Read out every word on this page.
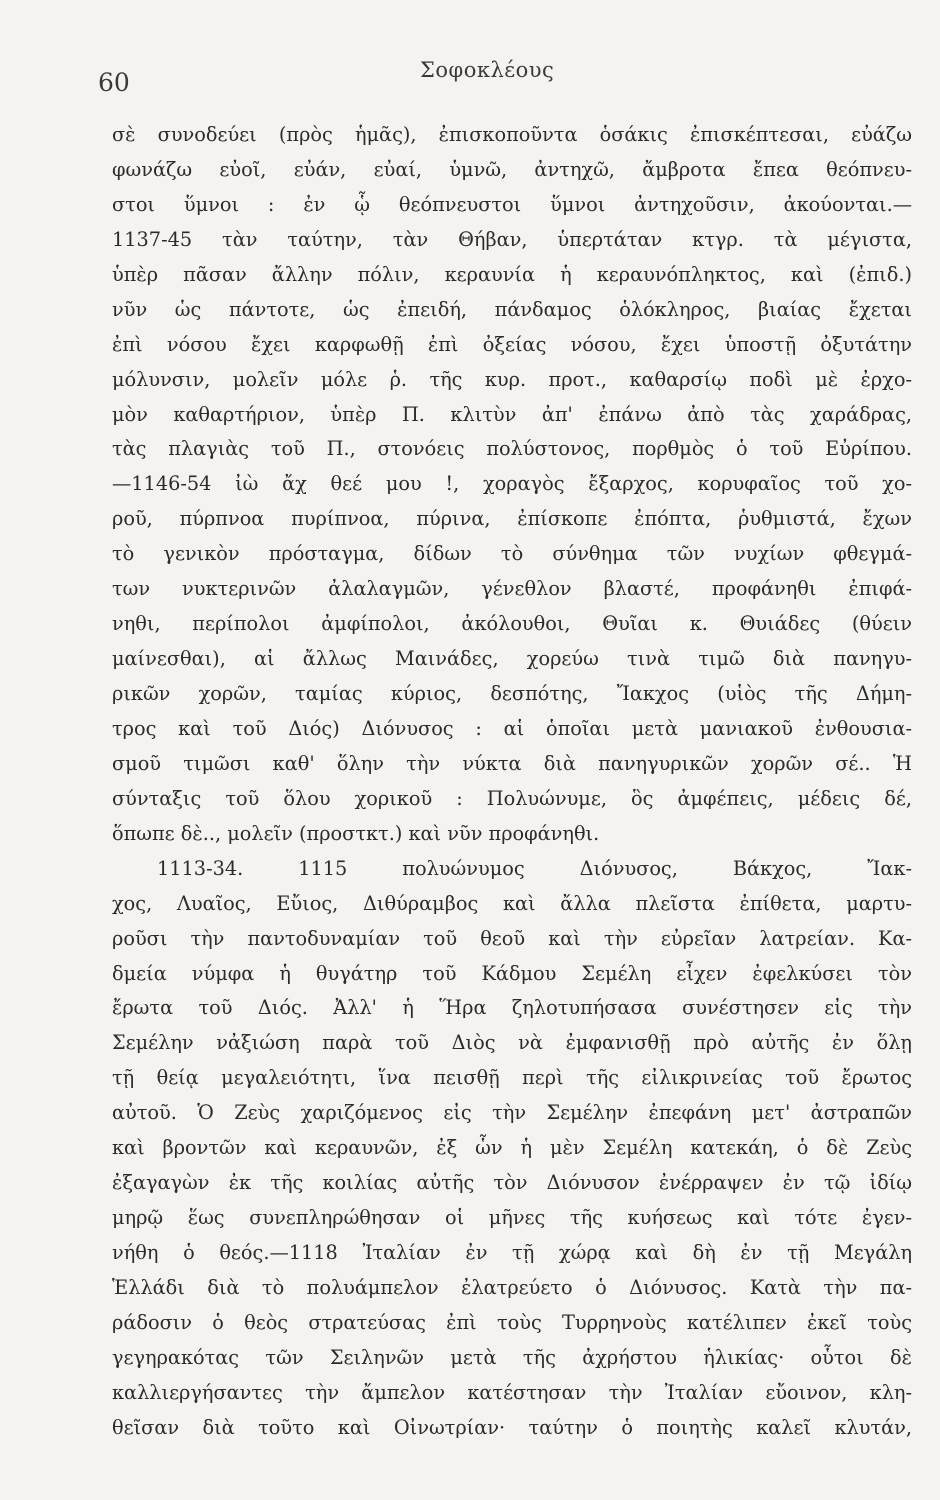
60	Σοφοκλέους
σὲ συνοδεύει (πρὸς ἡμᾶς), ἐπισκοποῦντα ὁσάκις ἐπισκέπτεσαι, εὐάζω
φωνάζω εὐοῖ, εὐάν, εὐαί, ὑμνῶ, ἀντηχῶ, ἄμβροτα ἔπεα θεόπνευ-
στοι ὕμνοι : ἐν ᾧ θεόπνευστοι ὕμνοι ἀντηχοῦσιν, ἀκούονται.—
1137-45 τὰν ταύτην, τὰν Θήβαν, ὑπερτάταν κτγρ. τὰ μέγιστα,
ὑπὲρ πᾶσαν ἄλλην πόλιν, κεραυνία ἡ κεραυνόπληκτος, καὶ (ἐπιδ.)
νῦν ὡς πάντοτε, ὡς ἐπειδή, πάνδαμος ὁλόκληρος, βιαίας ἔχεται
ἐπὶ νόσου ἔχει καρφωθῇ ἐπὶ ὀξείας νόσου, ἔχει ὑποστῇ ὀξυτάτην
μόλυνσιν, μολεῖν μόλε ῥ. τῆς κυρ. προτ., καθαρσίῳ ποδὶ μὲ ἐρχο-
μὸν καθαρτήριον, ὑπὲρ Π. κλιτὺν ἀπ' ἐπάνω ἀπὸ τὰς χαράδρας,
τὰς πλαγιὰς τοῦ Π., στονόεις πολύστονος, πορθμὸς ὁ τοῦ Εὐρίπου.
—1146-54 ἰὼ ἄχ θεέ μου !, χοραγὸς ἔξαρχος, κορυφαῖος τοῦ χο-
ροῦ, πύρπνοα πυρίπνοα, πύρινα, ἐπίσκοπε ἐπόπτα, ῥυθμιστά, ἔχων
τὸ γενικὸν πρόσταγμα, δίδων τὸ σύνθημα τῶν νυχίων φθεγμά-
των νυκτερινῶν ἀλαλαγμῶν, γένεθλον βλαστέ, προφάνηθι ἐπιφά-
νηθι, περίπολοι ἀμφίπολοι, ἀκόλουθοι, Θυῖαι κ. Θυιάδες (θύειν
μαίνεσθαι), αἱ ἄλλως Μαινάδες, χορεύω τινὰ τιμῶ διὰ πανηγυ-
ρικῶν χορῶν, ταμίας κύριος, δεσπότης, Ἴακχος (υἱὸς τῆς Δήμη-
τρος καὶ τοῦ Διός) Διόνυσος : αἱ ὁποῖαι μετὰ μανιακοῦ ἐνθουσια-
σμοῦ τιμῶσι καθ' ὅλην τὴν νύκτα διὰ πανηγυρικῶν χορῶν σέ.. Ἡ
σύνταξις τοῦ ὅλου χορικοῦ : Πολυώνυμε, ὃς ἀμφέπεις, μέδεις δέ,
ὅπωπε δὲ.., μολεῖν (προστκτ.) καὶ νῦν προφάνηθι.
1113-34. 1115 πολυώνυμος Διόνυσος, Βάκχος, Ἴακ-
χος, Λυαῖος, Εὔιος, Διθύραμβος καὶ ἄλλα πλεῖστα ἐπίθετα, μαρτυ-
ροῦσι τὴν παντοδυναμίαν τοῦ θεοῦ καὶ τὴν εὐρεῖαν λατρείαν. Κα-
δμεία νύμφα ἡ θυγάτηρ τοῦ Κάδμου Σεμέλη εἶχεν ἐφελκύσει τὸν
ἔρωτα τοῦ Διός. Ἀλλ' ἡ Ἥρα ζηλοτυπήσασα συνέστησεν εἰς τὴν
Σεμέλην νἀξιώση παρὰ τοῦ Διὸς νὰ ἐμφανισθῇ πρὸ αὐτῆς ἐν ὅλῃ
τῇ θείᾳ μεγαλειότητι, ἵνα πεισθῇ περὶ τῆς εἰλικρινείας τοῦ ἔρωτος
αὐτοῦ. Ὁ Ζεὺς χαριζόμενος εἰς τὴν Σεμέλην ἐπεφάνη μετ' ἀστραπῶν
καὶ βροντῶν καὶ κεραυνῶν, ἐξ ὧν ἡ μὲν Σεμέλη κατεκάη, ὁ δὲ Ζεὺς
ἐξαγαγὼν ἐκ τῆς κοιλίας αὐτῆς τὸν Διόνυσον ἐνέρραψεν ἐν τῷ ἰδίῳ
μηρῷ ἕως συνεπληρώθησαν οἱ μῆνες τῆς κυήσεως καὶ τότε ἐγεν-
νήθη ὁ θεός.—1118 Ἰταλίαν ἐν τῇ χώρᾳ καὶ δὴ ἐν τῇ Μεγάλη
Ἑλλάδι διὰ τὸ πολυάμπελον ἐλατρεύετο ὁ Διόνυσος. Κατὰ τὴν πα-
ράδοσιν ὁ θεὸς στρατεύσας ἐπὶ τοὺς Τυρρηνοὺς κατέλιπεν ἐκεῖ τοὺς
γεγηρακότας τῶν Σειληνῶν μετὰ τῆς ἀχρήστου ἡλικίας· οὗτοι δὲ
καλλιεργήσαντες τὴν ἄμπελον κατέστησαν τὴν Ἰταλίαν εὔοινον, κλη-
θεῖσαν διὰ τοῦτο καὶ Οἰνωτρίαν· ταύτην ὁ ποιητὴς καλεῖ κλυτάν,
